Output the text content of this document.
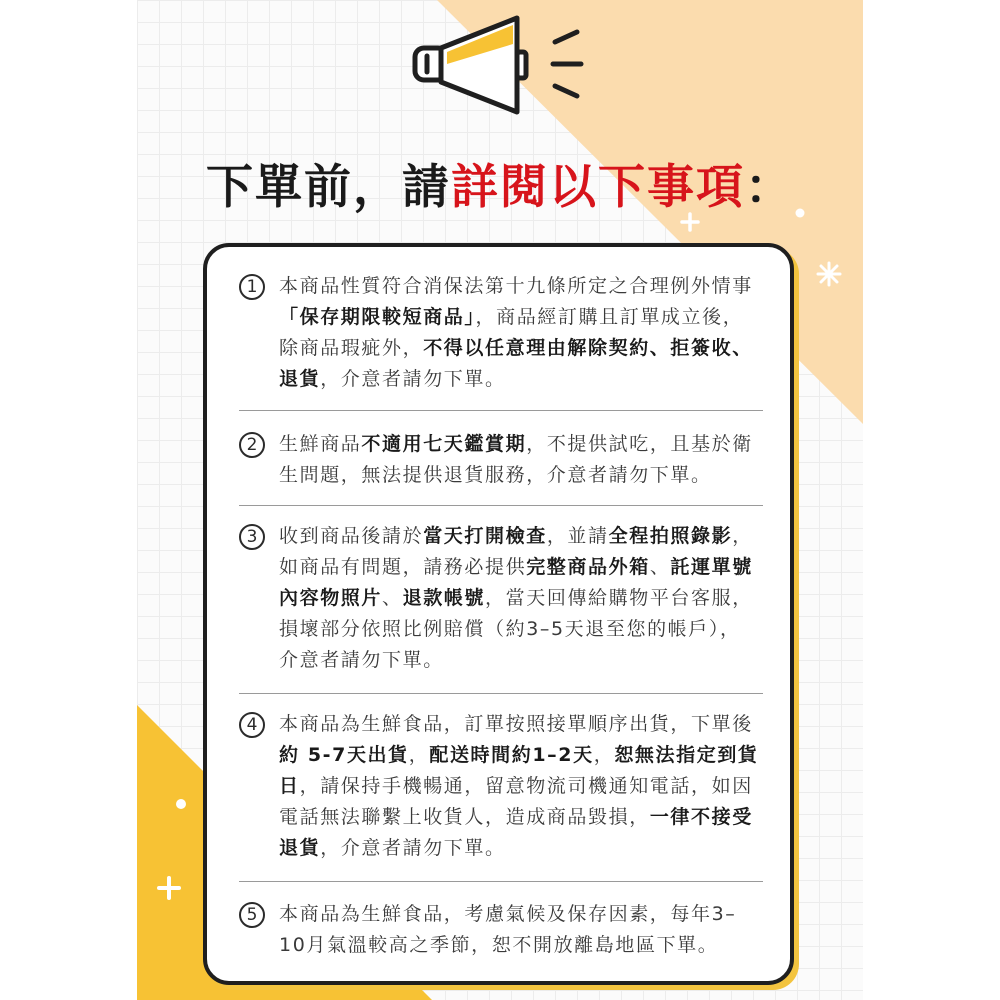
下單前，請詳閱以下事項：
1	本商品性質符合消保法第十九條所定之合理例外情事
「保存期限較短商品」，商品經訂購且訂單成立後，
除商品瑕疵外，不得以任意理由解除契約、拒簽收、
退貨，介意者請勿下單。
2	生鮮商品不適用七天鑑賞期，不提供試吃，且基於衛
生問題，無法提供退貨服務，介意者請勿下單。
3	收到商品後請於當天打開檢查，並請全程拍照錄影，
如商品有問題，請務必提供完整商品外箱、託運單號
內容物照片、退款帳號，當天回傳給購物平台客服，
損壞部分依照比例賠償（約3–5天退至您的帳戶），
介意者請勿下單。
4	本商品為生鮮食品，訂單按照接單順序出貨，下單後
約 5-7天出貨，配送時間約1–2天，恕無法指定到貨
日，請保持手機暢通，留意物流司機通知電話，如因
電話無法聯繫上收貨人，造成商品毀損，一律不接受
退貨，介意者請勿下單。
5	本商品為生鮮食品，考慮氣候及保存因素，每年3–
10月氣溫較高之季節，恕不開放離島地區下單。
